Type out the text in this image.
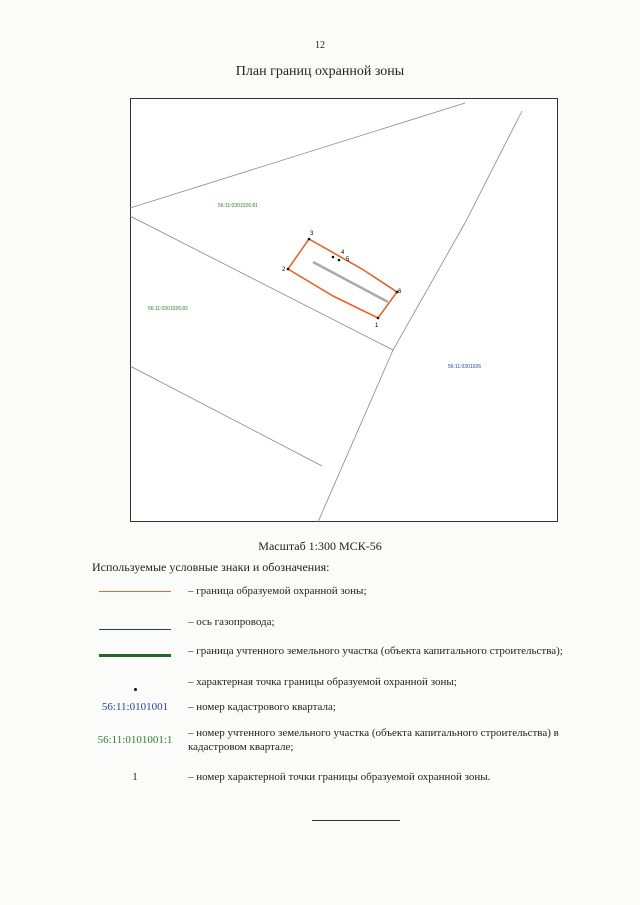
12
План границ охранной зоны
1
2
3
4
5
6
56:11:0301026:81
56:11:0301026:82
56:11:0301026
Масштаб 1:300 МСК-56
Используемые условные знаки и обозначения:
– граница образуемой охранной зоны;
– ось газопровода;
– граница учтенного земельного участка (объекта капитального строительства);
– характерная точка границы образуемой охранной зоны;
56:11:0101001 – номер кадастрового квартала;
56:11:0101001:1
– номер учтенного земельного участка (объекта капитального строительства) в кадастровом квартале;
1	– номер характерной точки границы образуемой охранной зоны.
